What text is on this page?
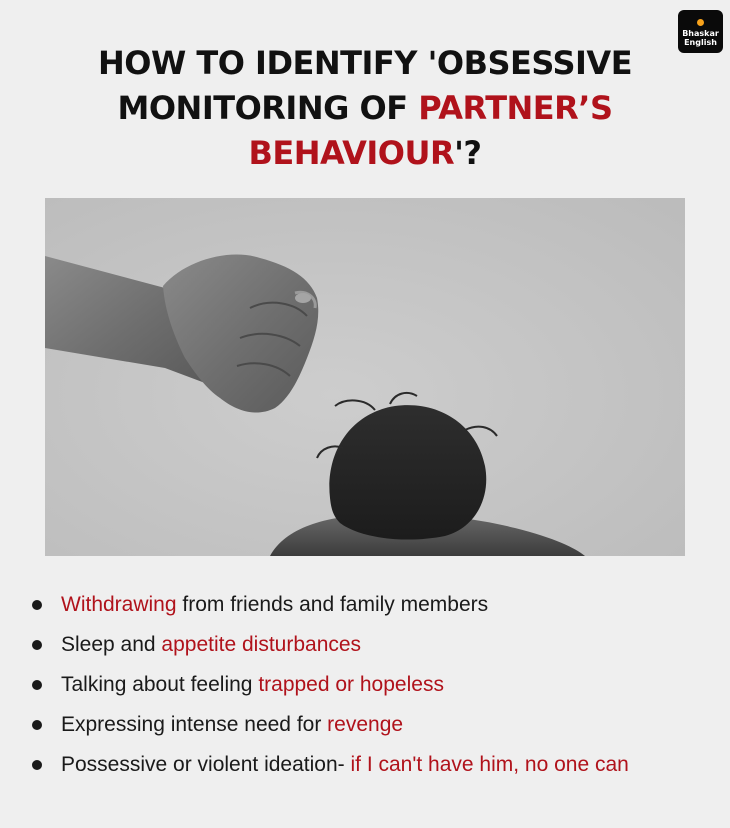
Bhaskar
English
HOW TO IDENTIFY 'OBSESSIVE MONITORING OF PARTNER’S BEHAVIOUR'?
Withdrawing from friends and family members
Sleep and appetite disturbances
Talking about feeling trapped or hopeless
Expressing intense need for revenge
Possessive or violent ideation- if I can't have him, no one can
